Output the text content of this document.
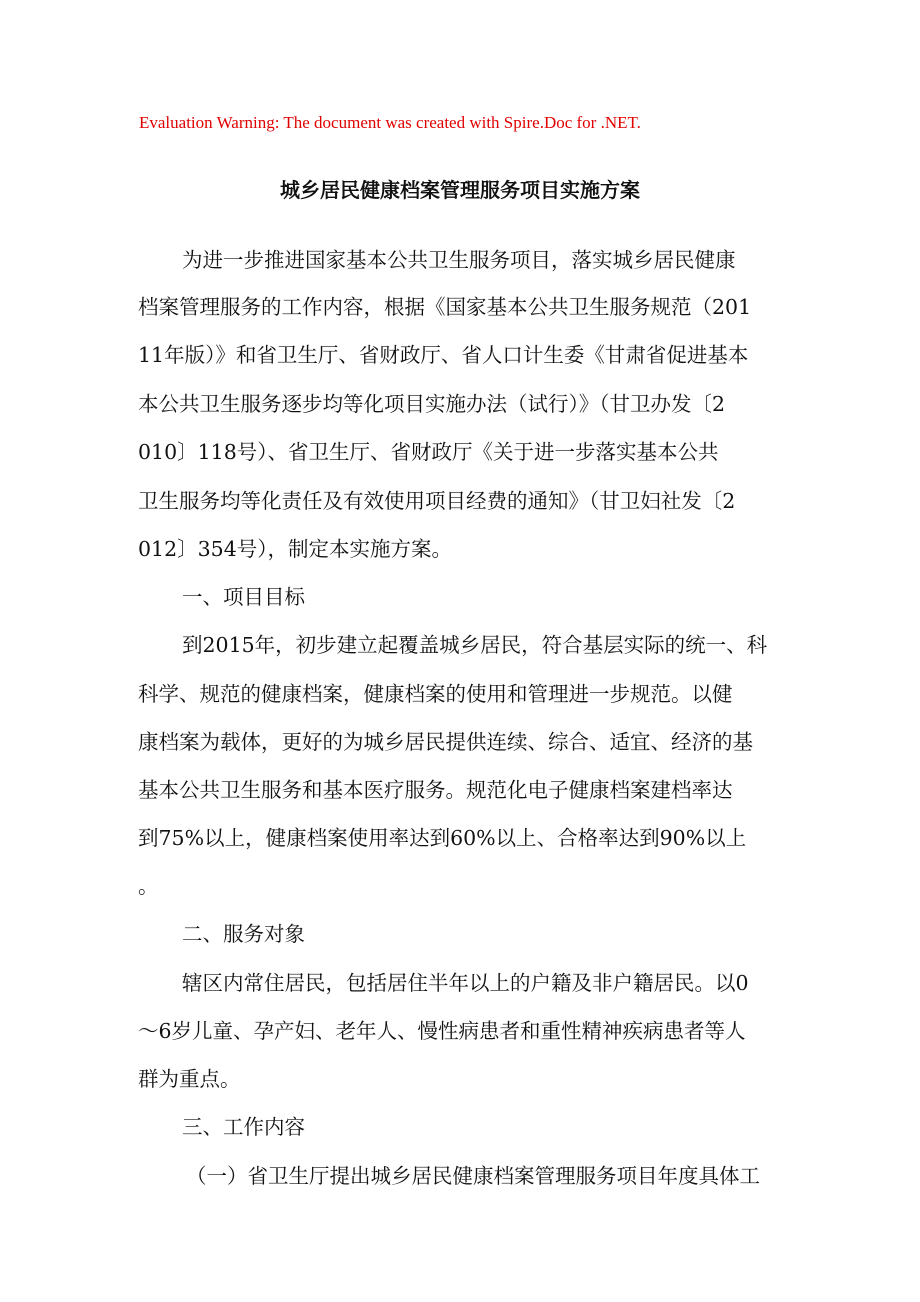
Evaluation Warning: The document was created with Spire.Doc for .NET.
城乡居民健康档案管理服务项目实施方案
为进一步推进国家基本公共卫生服务项目，落实城乡居民健康
档案管理服务的工作内容，根据《国家基本公共卫生服务规范（201
11年版）》和省卫生厅、省财政厅、省人口计生委《甘肃省促进基本
本公共卫生服务逐步均等化项目实施办法（试行）》（甘卫办发〔2
010〕118号）、省卫生厅、省财政厅《关于进一步落实基本公共
卫生服务均等化责任及有效使用项目经费的通知》（甘卫妇社发〔2
012〕354号），制定本实施方案。
一、项目目标
到2015年，初步建立起覆盖城乡居民，符合基层实际的统一、科
科学、规范的健康档案，健康档案的使用和管理进一步规范。以健
康档案为载体，更好的为城乡居民提供连续、综合、适宜、经济的基
基本公共卫生服务和基本医疗服务。规范化电子健康档案建档率达
到75%以上，健康档案使用率达到60%以上、合格率达到90%以上
。
二、服务对象
辖区内常住居民，包括居住半年以上的户籍及非户籍居民。以0
～6岁儿童、孕产妇、老年人、慢性病患者和重性精神疾病患者等人
群为重点。
三、工作内容
（一）省卫生厅提出城乡居民健康档案管理服务项目年度具体工
